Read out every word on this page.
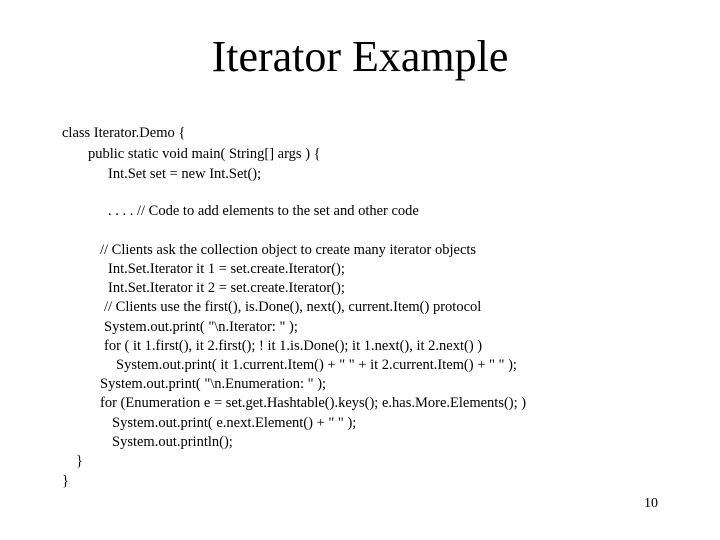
Iterator Example
class Iterator.Demo {
public static void main( String[] args ) {
Int.Set set = new Int.Set();
. . . . // Code to add elements to the set and other code
// Clients ask the collection object to create many iterator objects
Int.Set.Iterator it 1 = set.create.Iterator();
Int.Set.Iterator it 2 = set.create.Iterator();
// Clients use the first(), is.Done(), next(), current.Item() protocol
System.out.print( "\n.Iterator: " );
for ( it 1.first(), it 2.first(); ! it 1.is.Done(); it 1.next(), it 2.next() )
System.out.print( it 1.current.Item() + " " + it 2.current.Item() + " " );
System.out.print( "\n.Enumeration: " );
for (Enumeration e = set.get.Hashtable().keys(); e.has.More.Elements(); )
System.out.print( e.next.Element() + " " );
System.out.println();
}
}
10
